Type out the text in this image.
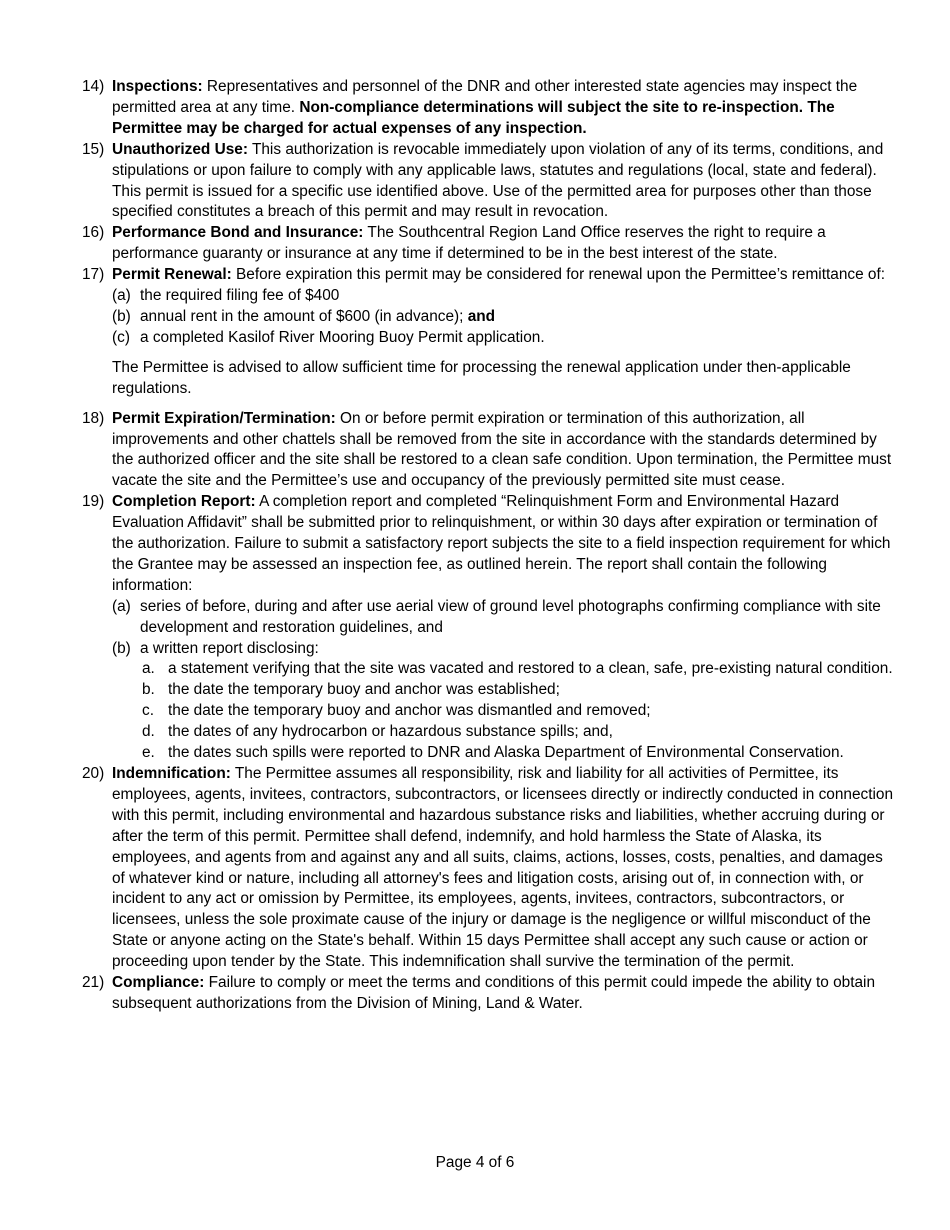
14) Inspections: Representatives and personnel of the DNR and other interested state agencies may inspect the permitted area at any time. Non-compliance determinations will subject the site to re-inspection. The Permittee may be charged for actual expenses of any inspection.
15) Unauthorized Use: This authorization is revocable immediately upon violation of any of its terms, conditions, and stipulations or upon failure to comply with any applicable laws, statutes and regulations (local, state and federal). This permit is issued for a specific use identified above. Use of the permitted area for purposes other than those specified constitutes a breach of this permit and may result in revocation.
16) Performance Bond and Insurance: The Southcentral Region Land Office reserves the right to require a performance guaranty or insurance at any time if determined to be in the best interest of the state.
17) Permit Renewal: Before expiration this permit may be considered for renewal upon the Permittee’s remittance of:
(a) the required filing fee of $400
(b) annual rent in the amount of $600 (in advance); and
(c) a completed Kasilof River Mooring Buoy Permit application.
The Permittee is advised to allow sufficient time for processing the renewal application under then-applicable regulations.
18) Permit Expiration/Termination: On or before permit expiration or termination of this authorization, all improvements and other chattels shall be removed from the site in accordance with the standards determined by the authorized officer and the site shall be restored to a clean safe condition. Upon termination, the Permittee must vacate the site and the Permittee’s use and occupancy of the previously permitted site must cease.
19) Completion Report: A completion report and completed “Relinquishment Form and Environmental Hazard Evaluation Affidavit” shall be submitted prior to relinquishment, or within 30 days after expiration or termination of the authorization. Failure to submit a satisfactory report subjects the site to a field inspection requirement for which the Grantee may be assessed an inspection fee, as outlined herein. The report shall contain the following information:
(a) series of before, during and after use aerial view of ground level photographs confirming compliance with site development and restoration guidelines, and
(b) a written report disclosing:
a. a statement verifying that the site was vacated and restored to a clean, safe, pre-existing natural condition.
b. the date the temporary buoy and anchor was established;
c. the date the temporary buoy and anchor was dismantled and removed;
d. the dates of any hydrocarbon or hazardous substance spills; and,
e. the dates such spills were reported to DNR and Alaska Department of Environmental Conservation.
20) Indemnification: The Permittee assumes all responsibility, risk and liability for all activities of Permittee, its employees, agents, invitees, contractors, subcontractors, or licensees directly or indirectly conducted in connection with this permit, including environmental and hazardous substance risks and liabilities, whether accruing during or after the term of this permit. Permittee shall defend, indemnify, and hold harmless the State of Alaska, its employees, and agents from and against any and all suits, claims, actions, losses, costs, penalties, and damages of whatever kind or nature, including all attorney's fees and litigation costs, arising out of, in connection with, or incident to any act or omission by Permittee, its employees, agents, invitees, contractors, subcontractors, or licensees, unless the sole proximate cause of the injury or damage is the negligence or willful misconduct of the State or anyone acting on the State's behalf. Within 15 days Permittee shall accept any such cause or action or proceeding upon tender by the State. This indemnification shall survive the termination of the permit.
21) Compliance: Failure to comply or meet the terms and conditions of this permit could impede the ability to obtain subsequent authorizations from the Division of Mining, Land & Water.
Page 4 of 6
